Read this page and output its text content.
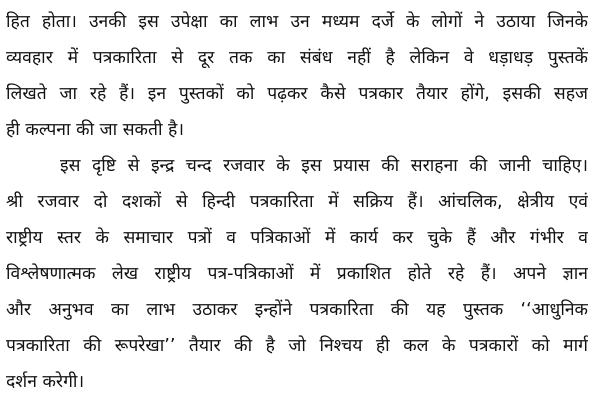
हित होता। उनकी इस उपेक्षा का लाभ उन मध्यम दर्जे के लोगों ने उठाया जिनके
व्यवहार में पत्रकारिता से दूर तक का संबंध नहीं है लेकिन वे धड़ाधड़ पुस्तकें
लिखते जा रहे हैं। इन पुस्तकों को पढ़कर कैसे पत्रकार तैयार होंगे, इसकी सहज
ही कल्पना की जा सकती है।
इस दृष्टि से इन्द्र चन्द रजवार के इस प्रयास की सराहना की जानी चाहिए।
श्री रजवार दो दशकों से हिन्दी पत्रकारिता में सक्रिय हैं। आंचलिक, क्षेत्रीय एवं
राष्ट्रीय स्तर के समाचार पत्रों व पत्रिकाओं में कार्य कर चुके हैं और गंभीर व
विश्लेषणात्मक लेख राष्ट्रीय पत्र-पत्रिकाओं में प्रकाशित होते रहे हैं। अपने ज्ञान
और अनुभव का लाभ उठाकर इन्होंने पत्रकारिता की यह पुस्तक ‘‘आधुनिक
पत्रकारिता की रूपरेखा’’ तैयार की है जो निश्चय ही कल के पत्रकारों को मार्ग
दर्शन करेगी।
